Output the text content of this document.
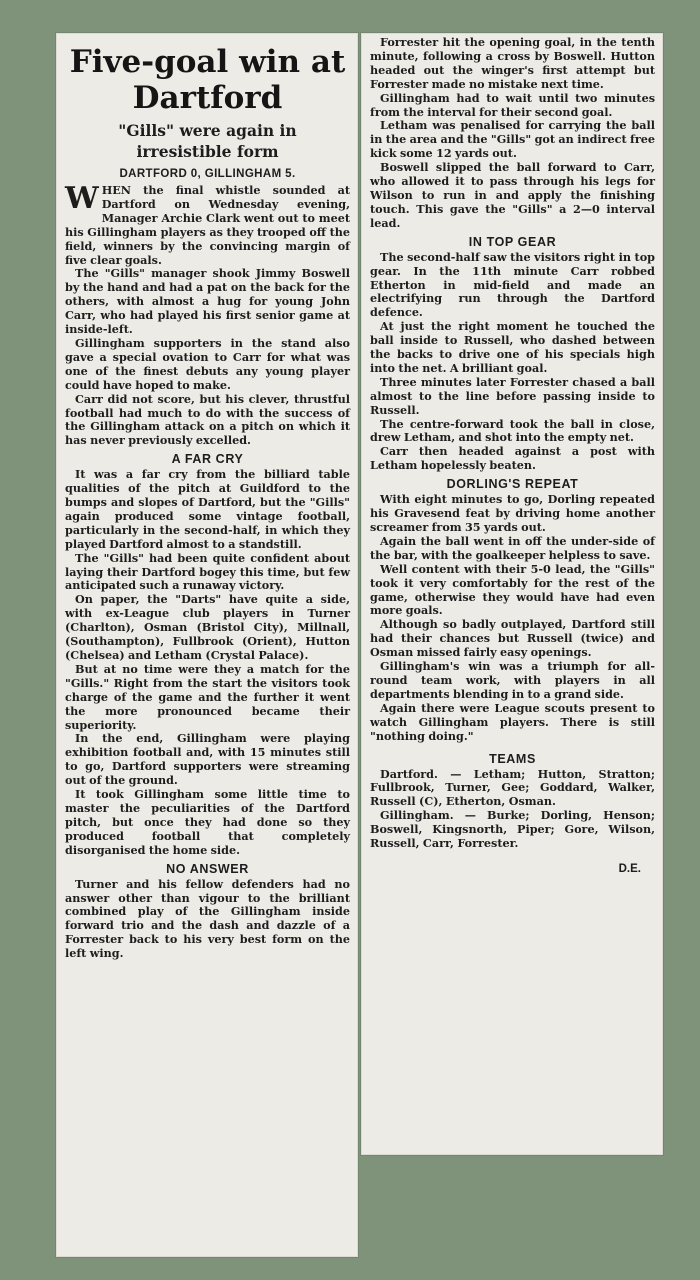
Five-goal win at Dartford
"Gills" were again in irresistible form
DARTFORD 0, GILLINGHAM 5.

WHEN the final whistle sounded at Dartford on Wednesday evening, Manager Archie Clark went out to meet his Gillingham players as they trooped off the field, winners by the convincing margin of five clear goals.

The "Gills" manager shook Jimmy Boswell by the hand and had a pat on the back for the others, with almost a hug for young John Carr, who had played his first senior game at inside-left.

Gillingham supporters in the stand also gave a special ovation to Carr for what was one of the finest debuts any young player could have hoped to make.

Carr did not score, but his clever, thrustful football had much to do with the success of the Gillingham attack on a pitch on which it has never previously excelled.

A FAR CRY

It was a far cry from the billiard table qualities of the pitch at Guildford to the bumps and slopes of Dartford, but the "Gills" again produced some vintage football, particularly in the second-half, in which they played Dartford almost to a standstill.

The "Gills" had been quite confident about laying their Dartford bogey this time, but few anticipated such a runaway victory.

On paper, the "Darts" have quite a side, with ex-League club players in Turner (Charlton), Osman (Bristol City), Millnall, (Southampton), Fullbrook (Orient), Hutton (Chelsea) and Letham (Crystal Palace).

But at no time were they a match for the "Gills." Right from the start the visitors took charge of the game and the further it went the more pronounced became their superiority.

In the end, Gillingham were playing exhibition football and, with 15 minutes still to go, Dartford supporters were streaming out of the ground.

It took Gillingham some little time to master the peculiarities of the Dartford pitch, but once they had done so they produced football that completely disorganised the home side.

NO ANSWER

Turner and his fellow defenders had no answer other than vigour to the brilliant combined play of the Gillingham inside forward trio and the dash and dazzle of a Forrester back to his very best form on the left wing.

Forrester hit the opening goal, in the tenth minute, following a cross by Boswell. Hutton headed out the winger's first attempt but Forrester made no mistake next time.

Gillingham had to wait until two minutes from the interval for their second goal.

Letham was penalised for carrying the ball in the area and the "Gills" got an indirect free kick some 12 yards out.

Boswell slipped the ball forward to Carr, who allowed it to pass through his legs for Wilson to run in and apply the finishing touch. This gave the "Gills" a 2—0 interval lead.

IN TOP GEAR

The second-half saw the visitors right in top gear. In the 11th minute Carr robbed Etherton in mid-field and made an electrifying run through the Dartford defence.

At just the right moment he touched the ball inside to Russell, who dashed between the backs to drive one of his specials high into the net. A brilliant goal.

Three minutes later Forrester chased a ball almost to the line before passing inside to Russell.

The centre-forward took the ball in close, drew Letham, and shot into the empty net.

Carr then headed against a post with Letham hopelessly beaten.

DORLING'S REPEAT

With eight minutes to go, Dorling repeated his Gravesend feat by driving home another screamer from 35 yards out.

Again the ball went in off the under-side of the bar, with the goalkeeper helpless to save.

Well content with their 5-0 lead, the "Gills" took it very comfortably for the rest of the game, otherwise they would have had even more goals.

Although so badly outplayed, Dartford still had their chances but Russell (twice) and Osman missed fairly easy openings.

Gillingham's win was a triumph for all-round team work, with players in all departments blending in to a grand side.

Again there were League scouts present to watch Gillingham players. There is still "nothing doing."

TEAMS

Dartford. — Letham; Hutton, Stratton; Fullbrook, Turner, Gee; Goddard, Walker, Russell (C), Etherton, Osman.

Gillingham. — Burke; Dorling, Henson; Boswell, Kingsnorth, Piper; Gore, Wilson, Russell, Carr, Forrester.

D.E.
